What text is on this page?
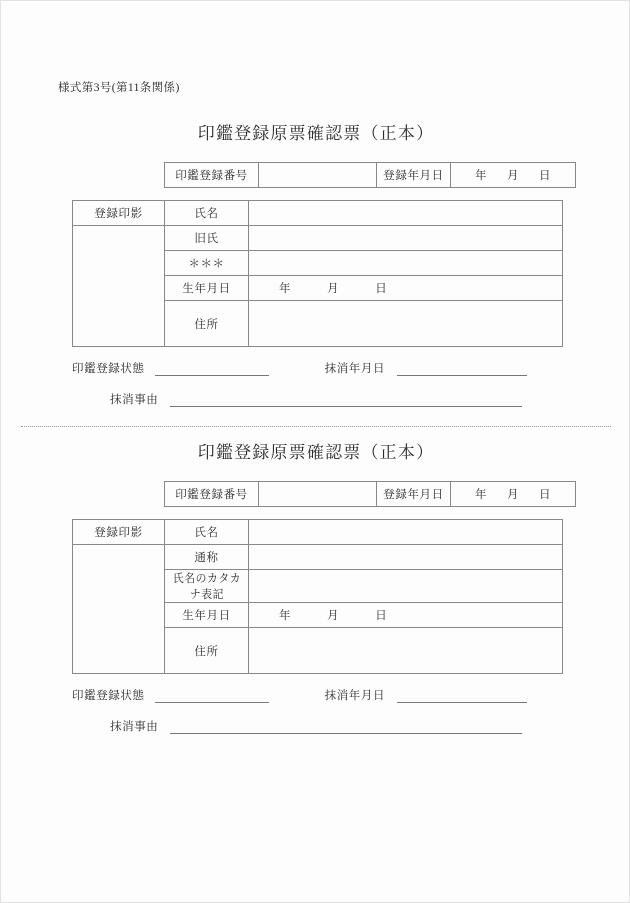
様式第3号(第11条関係)
印鑑登録原票確認票（正本）
印鑑登録番号		登録年月日	年 月 日
登録印影	氏名	
	旧氏	
	＊＊＊	
	生年月日	年 月 日

	住所	
印鑑登録状態	抹消年月日
抹消事由
印鑑登録原票確認票（正本）
印鑑登録番号		登録年月日	年 月 日
登録印影	氏名	
	通称	
	氏名のカタカナ表記	
	生年月日	年 月 日

	住所	
印鑑登録状態	抹消年月日
抹消事由
